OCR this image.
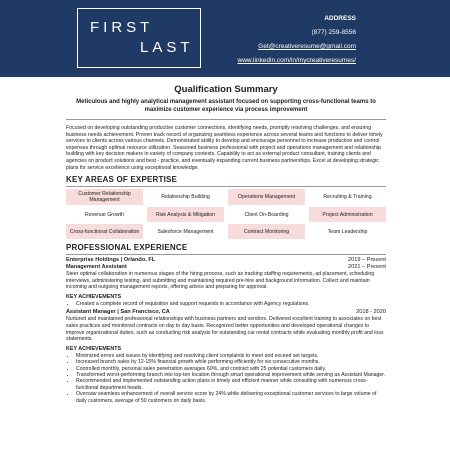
FIRST
LAST
ADDRESS
(877) 259-8556
Get@creativeresume@gmail.com
www.linkedin.com/in/mycreativeresumes/
Qualification Summary

Meticulous and highly analytical management assistant focused on supporting cross-functional teams to maximize customer experience via process improvement

Focused on developing outstanding productive customer connections, identifying needs, promptly resolving challenges, and ensuring business needs achievement. Proven track record of organizing seamless experience across several teams and functions to deliver timely services to clients across various channels. Demonstrated ability to develop and encourage personnel to increase production and control expenses through optimal resource utilization. Seasoned business professional with project and operations management and relationship building with key decision makers in variety of company contexts. Capability to act as external product consultant, training clients and agencies on product solutions and best - practice, and eventually expanding current business partnerships. Excel at developing strategic plans for service excellence using exceptional knowledge.

KEY AREAS OF EXPERTISE
Customer Relationship Management	Relationship Building	Operations Management	Recruiting & Training
Revenue Growth	Risk Analysis & Mitigation	Client On-Boarding	Project Administration
Cross-functional Collaboration	Salesforce Management	Contract Monitoring	Team Leadership
PROFESSIONAL EXPERIENCE
Enterprise Holdings | Orlando, FL	2019 – Present
Management Assistant	2021 – Present

Steer optimal collaboration in numerous stages of the hiring process, such as tracking staffing requirements, ad placement, scheduling interviews, administering testing, and submitting and maintaining required pre-hire and background information. Collect and maintain incoming and outgoing management reports, offering advice and preparing for approval.

KEY ACHIEVEMENTS
• Created a complete record of requisition and support requests in accordance with Agency regulations.
Assistant Manager | San Francisco, CA	2018 - 2020

Nurtured and maintained professional relationships with business partners and vendors. Delivered excellent training to associates on best sales practices and monitored contracts on day to day basis. Recognized better opportunities and developed operational changes to improve organizational duties, such as conducting risk analysis for outstanding car rental contracts while evaluating monthly profit and loss statements.

KEY ACHIEVEMENTS
• Minimized errors and issues by identifying and resolving client complaints to meet and exceed set targets.
• Increased branch sales by 12-15% financial growth while performing efficiently for six consecutive months.
• Controlled monthly, personal sales penetration averages 60%, and contract with 25 potential customers daily.
• Transformed worst-performing branch into top-ten location through smart operational improvement while serving as Assistant Manager.
• Recommended and implemented outstanding action plans in timely and efficient manner while consulting with numerous cross-functional department heads.
• Oversaw seamless enhancement of overall service score by 24% while delivering exceptional customer services to large volume of daily customers, average of 50 customers on daily basis.
